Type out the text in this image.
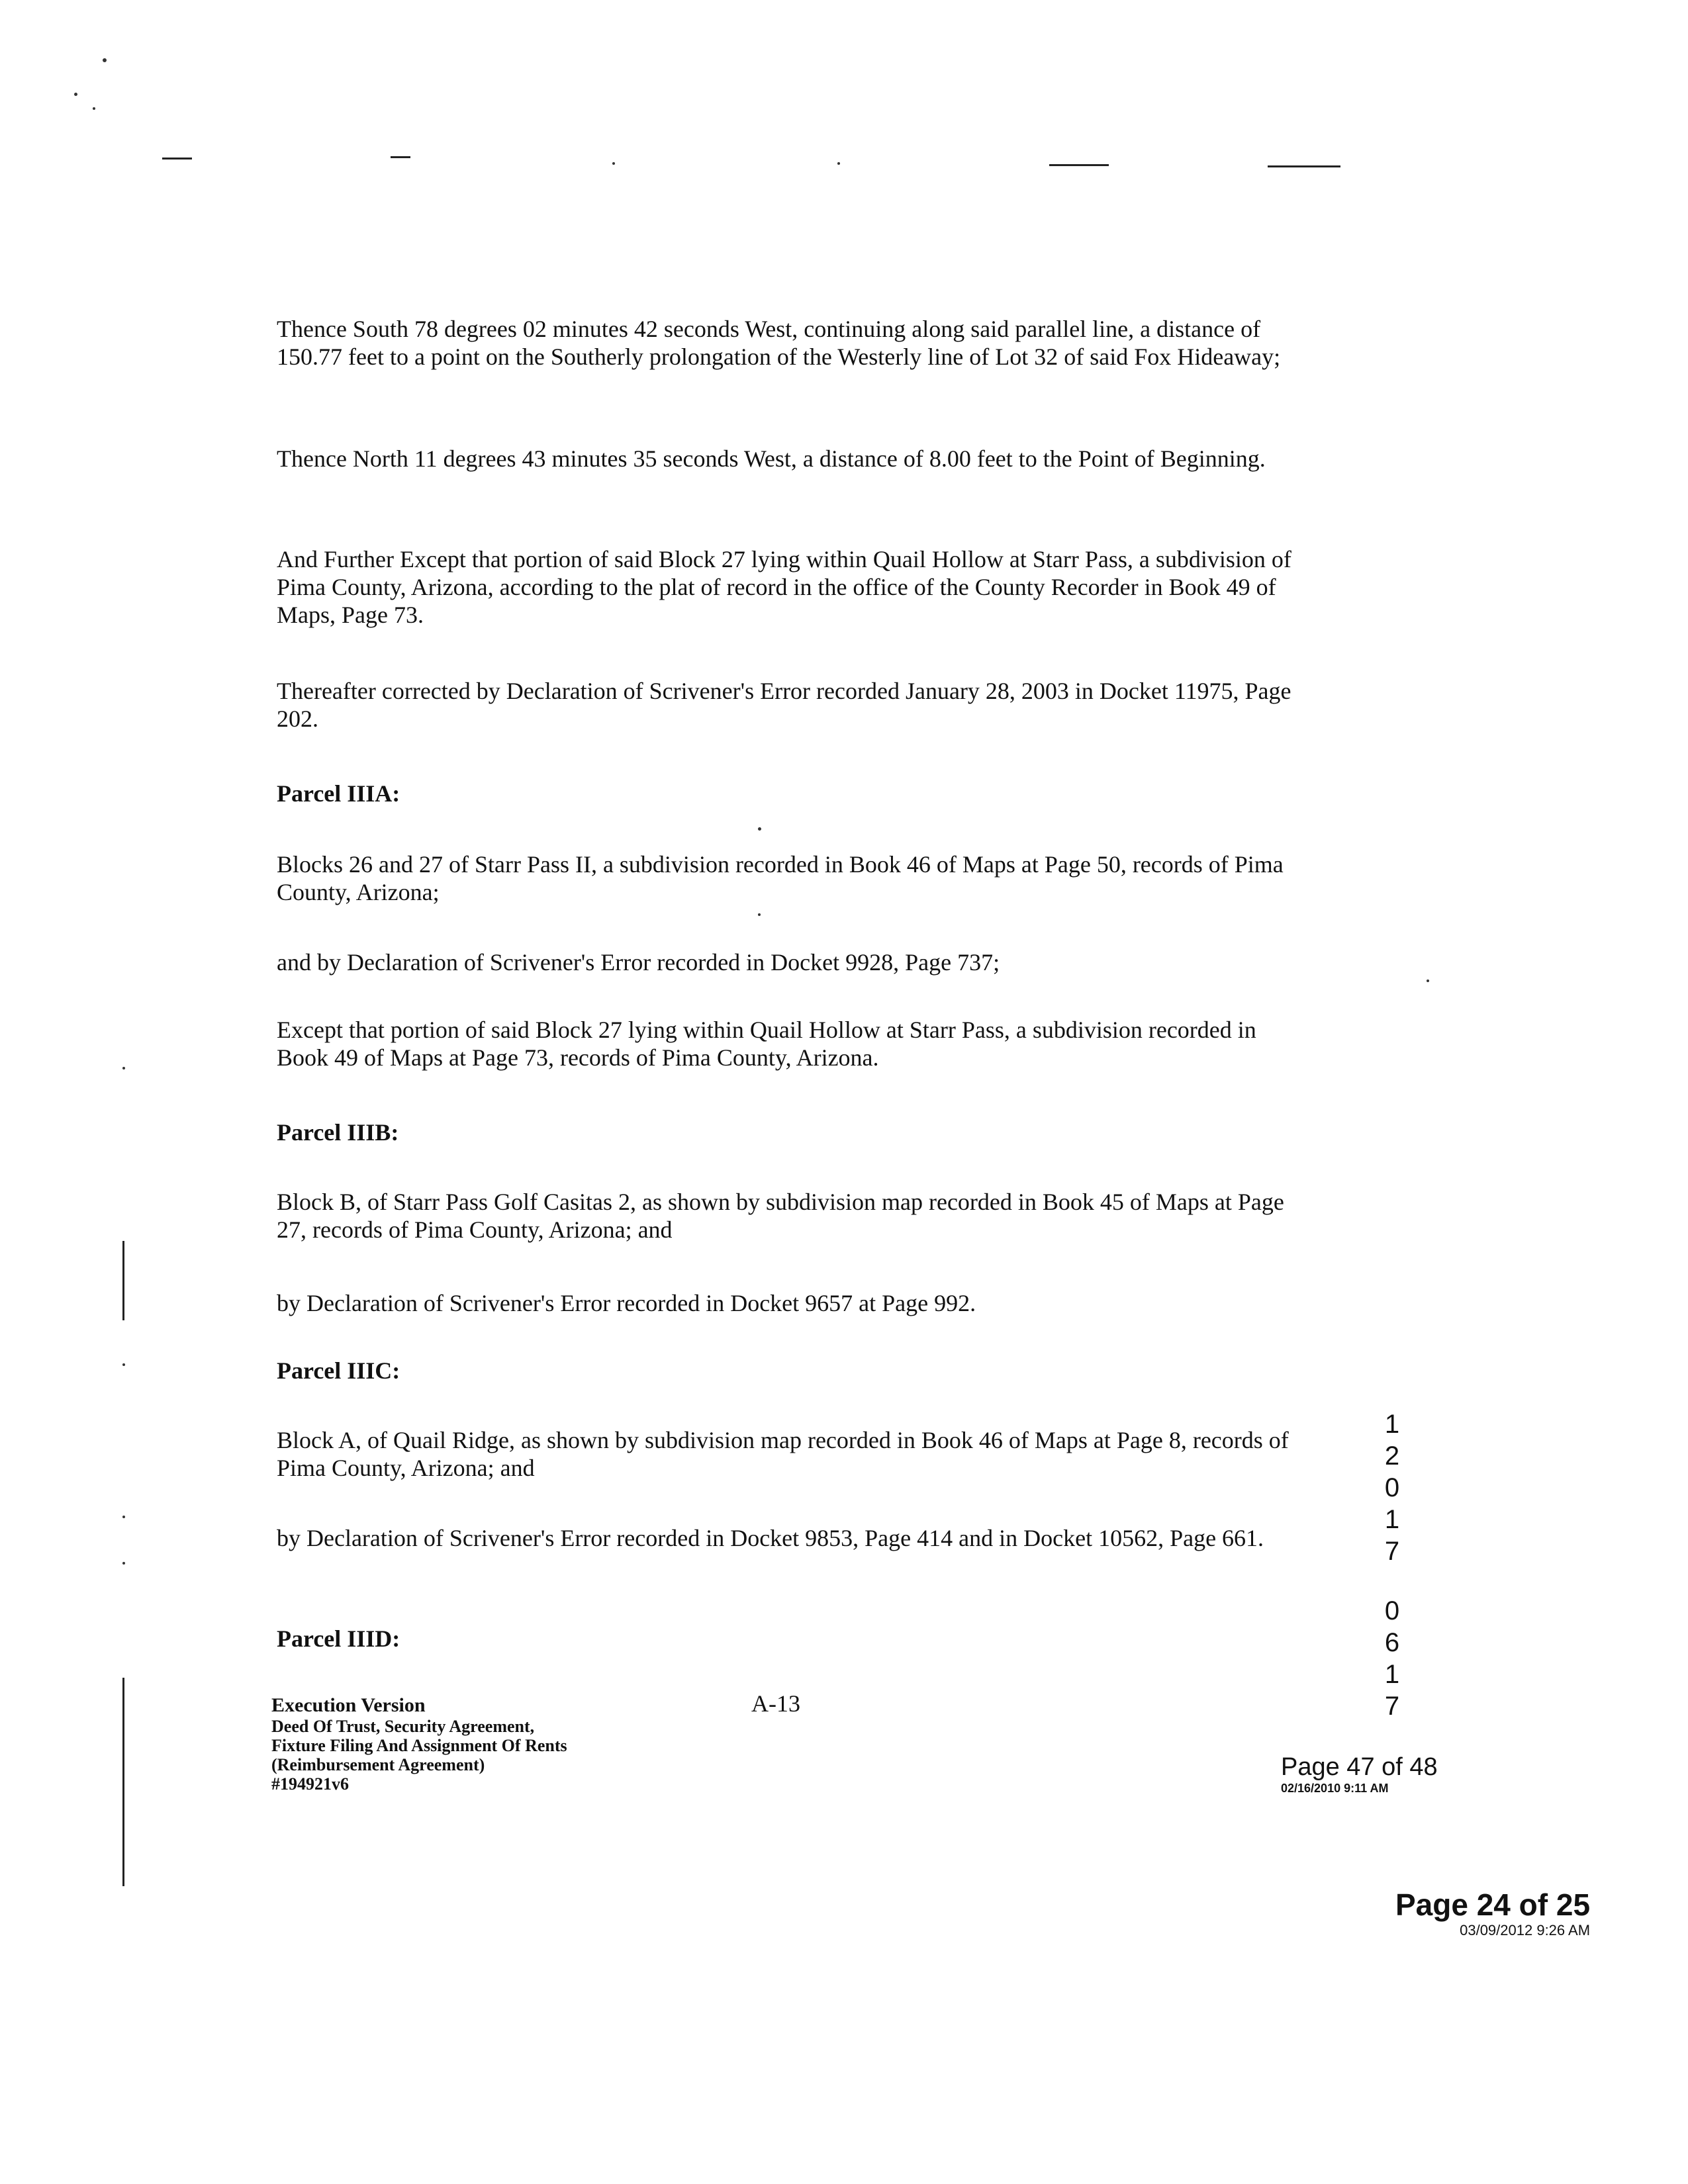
Thence South 78 degrees 02 minutes 42 seconds West, continuing along said parallel line, a distance of 150.77 feet to a point on the Southerly prolongation of the Westerly line of Lot 32 of said Fox Hideaway;

Thence North 11 degrees 43 minutes 35 seconds West, a distance of 8.00 feet to the Point of Beginning.

And Further Except that portion of said Block 27 lying within Quail Hollow at Starr Pass, a subdivision of Pima County, Arizona, according to the plat of record in the office of the County Recorder in Book 49 of Maps, Page 73.

Thereafter corrected by Declaration of Scrivener's Error recorded January 28, 2003 in Docket 11975, Page 202.

Parcel IIIA:

Blocks 26 and 27 of Starr Pass II, a subdivision recorded in Book 46 of Maps at Page 50, records of Pima County, Arizona;

and by Declaration of Scrivener's Error recorded in Docket 9928, Page 737;

Except that portion of said Block 27 lying within Quail Hollow at Starr Pass, a subdivision recorded in Book 49 of Maps at Page 73, records of Pima County, Arizona.

Parcel IIIB:

Block B, of Starr Pass Golf Casitas 2, as shown by subdivision map recorded in Book 45 of Maps at Page 27, records of Pima County, Arizona; and

by Declaration of Scrivener's Error recorded in Docket 9657 at Page 992.

Parcel IIIC:

Block A, of Quail Ridge, as shown by subdivision map recorded in Book 46 of Maps at Page 8, records of Pima County, Arizona; and

by Declaration of Scrivener's Error recorded in Docket 9853, Page 414 and in Docket 10562, Page 661.

Parcel IIID:

1
2
0
1
7
0
6
1
7
Execution Version
Deed Of Trust, Security Agreement,
Fixture Filing And Assignment Of Rents
(Reimbursement Agreement)
#194921v6
A-13
Page 47 of 48
02/16/2010 9:11 AM
Page 24 of 25
03/09/2012 9:26 AM
